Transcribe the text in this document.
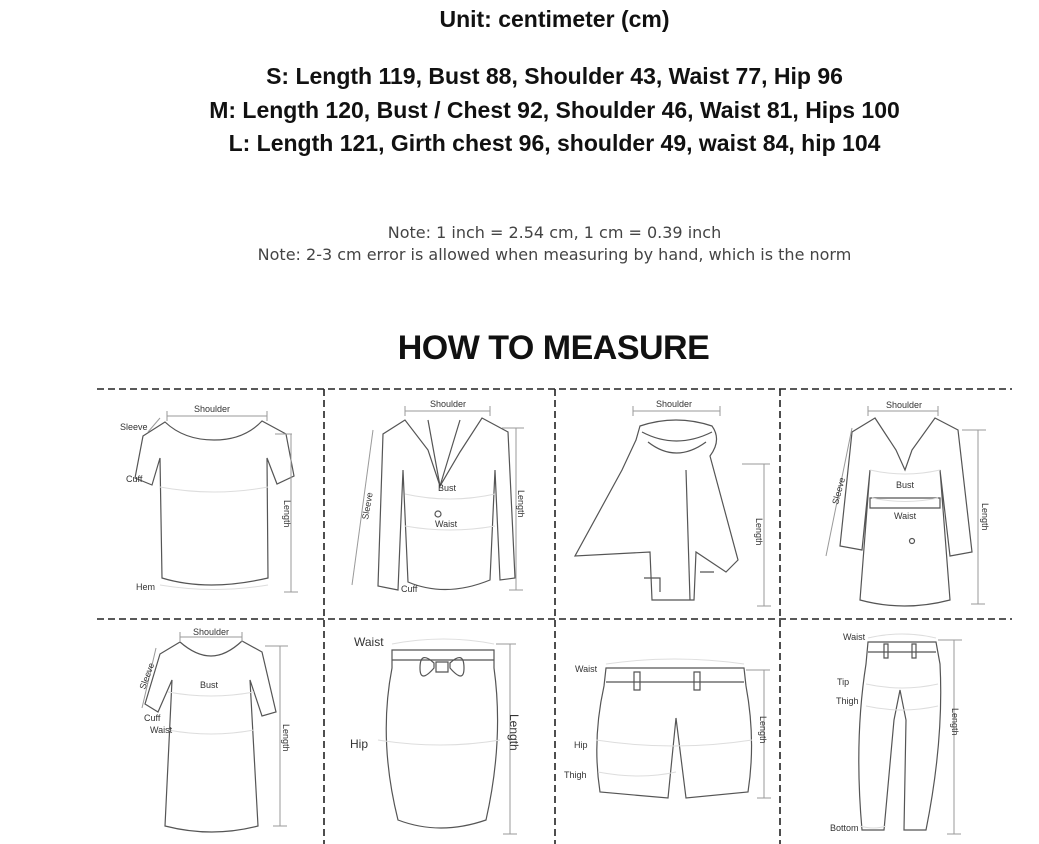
Unit: centimeter (cm)
S: Length 119, Bust 88, Shoulder 43, Waist 77, Hip 96
M: Length 120, Bust / Chest 92, Shoulder 46, Waist 81, Hips 100
L: Length 121, Girth chest 96, shoulder 49, waist 84, hip 104
Note: 1 inch = 2.54 cm, 1 cm = 0.39 inch
Note: 2-3 cm error is allowed when measuring by hand, which is the norm
HOW TO MEASURE
Shoulder
Sleeve
Cuff
Hem
Length
Shoulder
Bust
Waist
Cuff
Sleeve	Length
Shoulder
Length
Shoulder
Bust
Waist
Sleeve
Length
Shoulder
Bust
Cuff
Waist
Sleeve
Length
Waist
Hip	Length
Waist
Hip
Thigh
Length
Waist
Tip
Thigh
Bottom
Length
